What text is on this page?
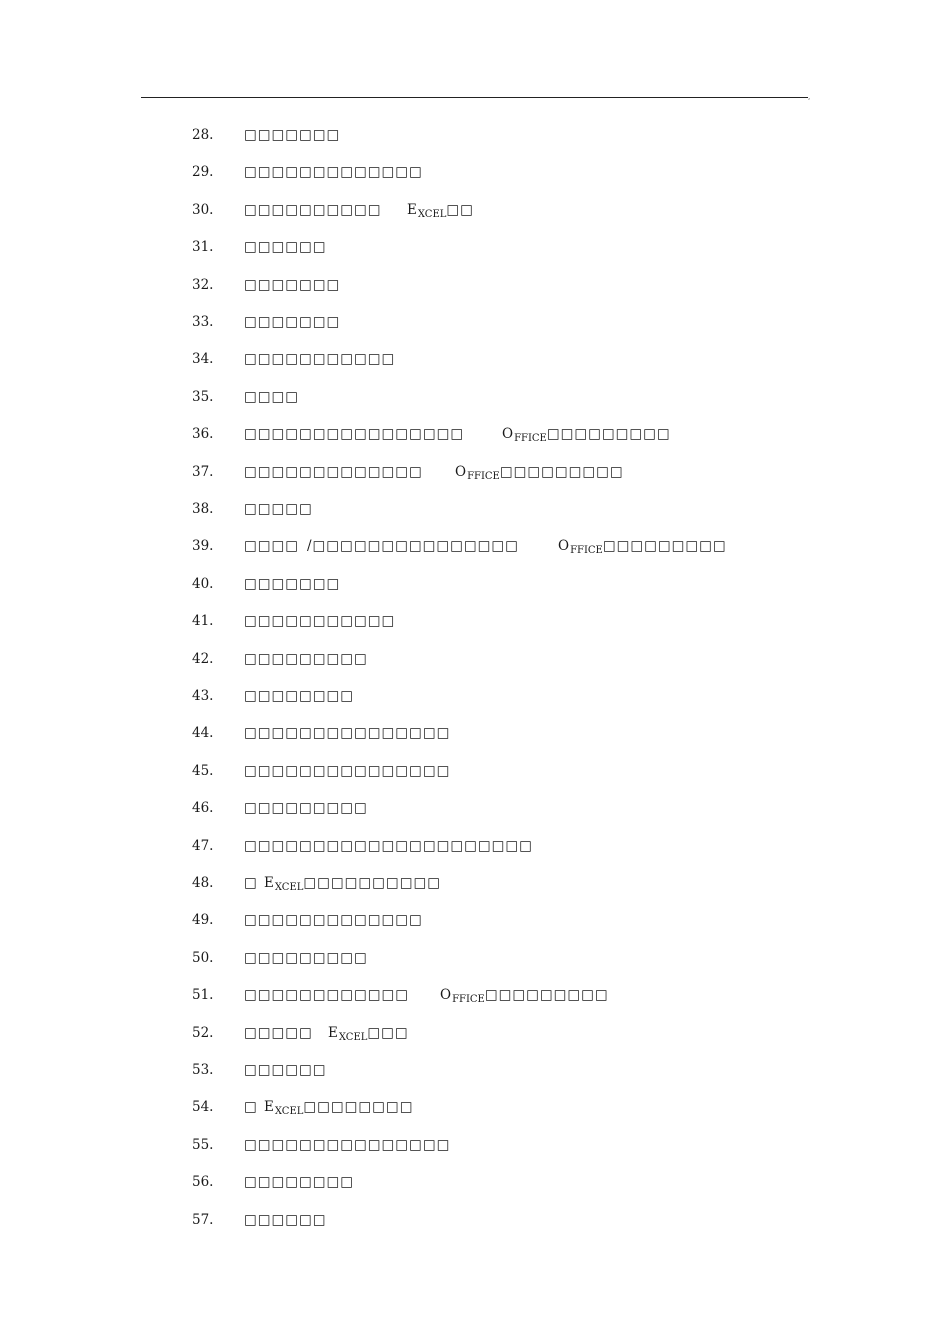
,
28. □□□□□□□
29. □□□□□□□□□□□□□
30. □□□□□□□□□□ $E_{XCEL}□□$
31. □□□□□□
32. □□□□□□□
33. □□□□□□□
34. □□□□□□□□□□□
35. □□□□
36. □□□□□□□□□□□□□□□□	$O_{FFICE}□□□□□□□□□$
37. □□□□□□□□□□□□□ $O_{FFICE}□□□□□□□□□$
38. □□□□□
39. □□□□ /□□□□□□□□□□□□□□□	$O_{FFICE}□□□□□□□□□$
40. □□□□□□□
41. □□□□□□□□□□□
42. □□□□□□□□□
43. □□□□□□□□
44. □□□□□□□□□□□□□□□
45. □□□□□□□□□□□□□□□
46. □□□□□□□□□
47. □□□□□□□□□□□□□□□□□□□□□
48. □ $E_{XCEL}□□□□□□□□□□$
49. □□□□□□□□□□□□□
50. □□□□□□□□□
51. □□□□□□□□□□□□ $O_{FFICE}□□□□□□□□□$
52. □□□□□ $E_{XCEL}□□□$
53. □□□□□□
54. □ $E_{XCEL}□□□□□□□□$
55. □□□□□□□□□□□□□□□
56. □□□□□□□□
57. □□□□□□
